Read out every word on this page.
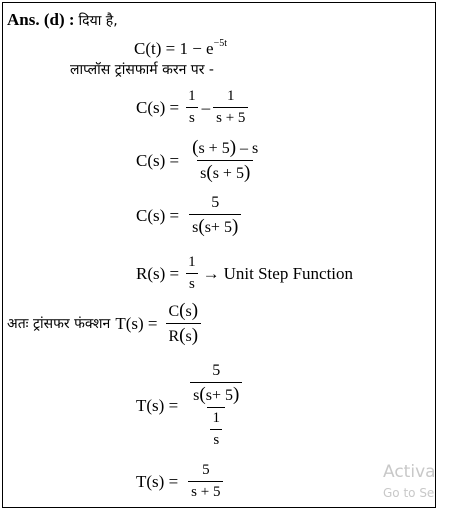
Ans. (d) : दिया है,
$C(t) = 1 - e^{-5t}$
लाप्लॉस ट्रांसफार्म करन पर -
$C(s) = \frac{1}{s} - \frac{1}{s + 5}$
$C(s) = \frac{(s + 5) - s}{s(s + 5)}$
$C(s) = \frac{5}{s(s+ 5)}$
$R(s) = \frac{1}{s}$ → Unit Step Function
अतः ट्रांसफर फंक्शन $T(s) = \frac{C(s)}{R(s)}$
$T(s) = \frac{\frac{5}{s(s+ 5)}}{\frac{1}{s}}$
$T(s) = \frac{5}{s + 5}$	Activa
Go to Se
